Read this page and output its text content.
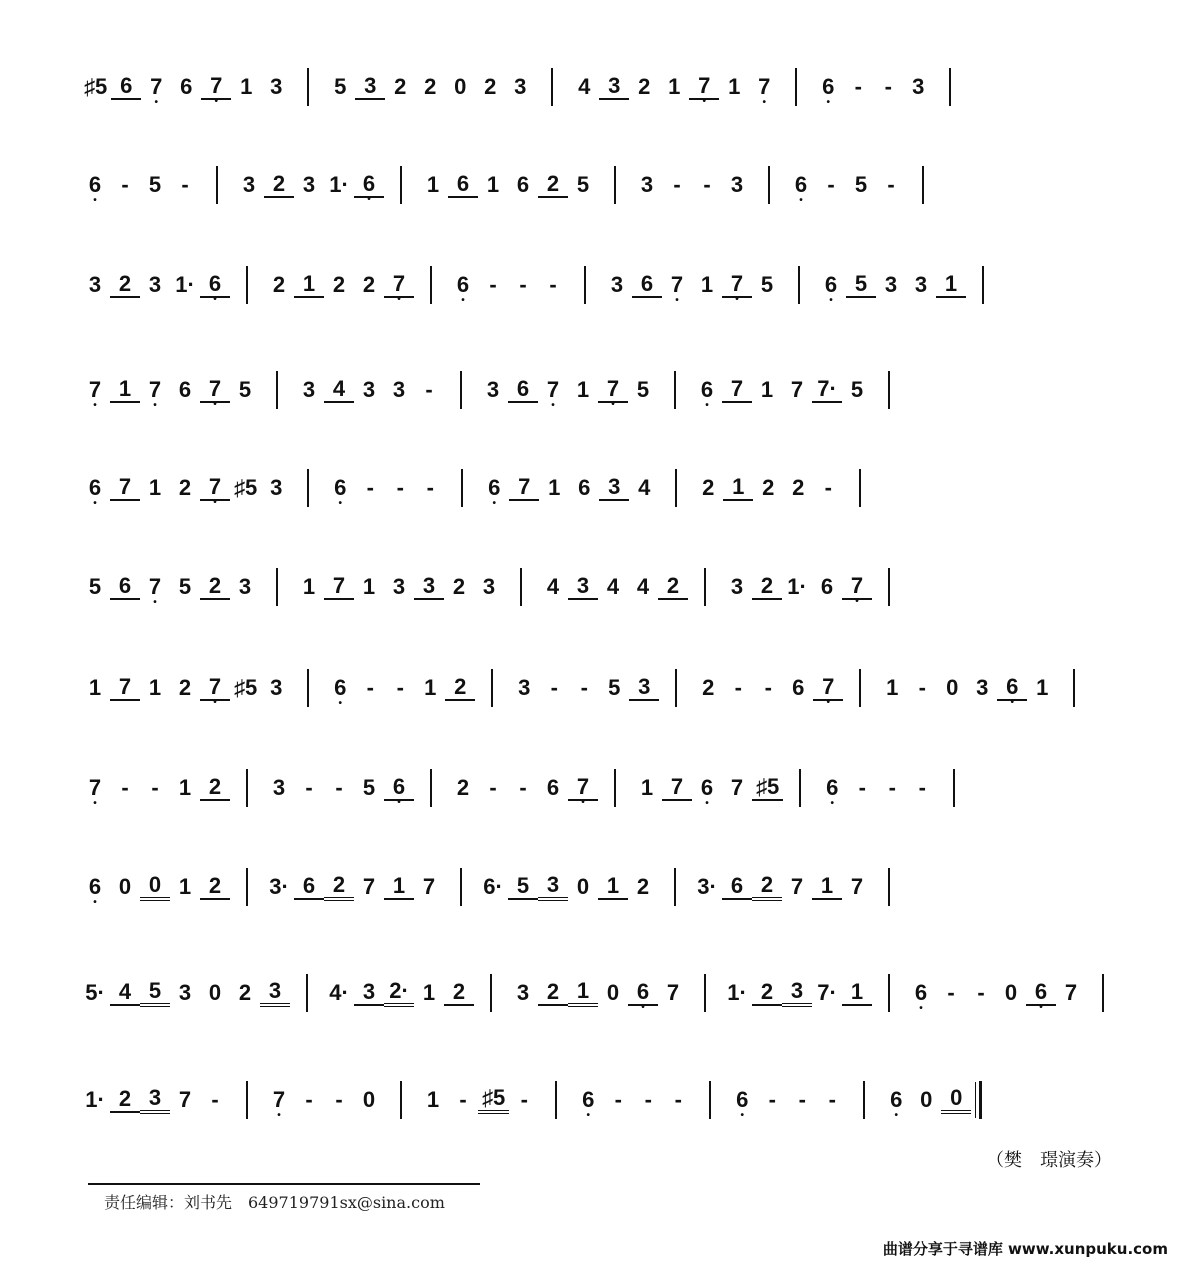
♯5 6 7 • 6 7 • 1 3	5 3 2 2 0 2 3	4 3 2 1 7 • 1 7 •	6 • -	- 3
6 • - 5 -	3 2 3 1· 6 •	1 6 1 6 2 5	3 -	- 3	6 • - 5 -
3 2 3 1· 6 •	2 1 2 2 7 •	6 • -	-	-	3 6 7 • 1 7 • 5	6 • 5 3 3 1
7 • 1 7 • 6 7 • 5	3 4 3 3 -	3 6 7 • 1 7 • 5	6 • 7 1 7 7· 5
6 • 7 1 2 7 • ♯5 3	6 • -	-	-	6 • 7 1 6 3 4	2 1 2 2 -
5 6 7 • 5 2 3	1 7 1 3 3 2 3	4 3 4 4 2	3 2 1· 6 7 •
1 7 1 2 7 • ♯5 3	6 • -	- 1 2	3 -	- 5 3	2 -	- 6 7 •	1 - 0 3 6 • 1
7 • -	- 1 2	3 -	- 5 6 •	2 -	- 6 7 •	1 7 6 • 7 ♯5	6 • -	-	-
6 • 0 0 1 2	3· 6 2 7 1 7	6· 5 3 0 1 2	3· 6 2 7 1 7
5· 4 5 3 0 2 3	4· 3 2· 1 2	3 2 1 0 6 • 7	1· 2 3 7· 1	6 • -	- 0 6 • 7
1· 2 3 7 -	7 • -	- 0	1 - ♯5 -	6 • -	-	-	6 • -	-	-	6 • 0 0
（樊　璟演奏）
责任编辑：刘书先　649719791sx@sina.com
曲谱分享于寻谱库 www.xunpuku.com
